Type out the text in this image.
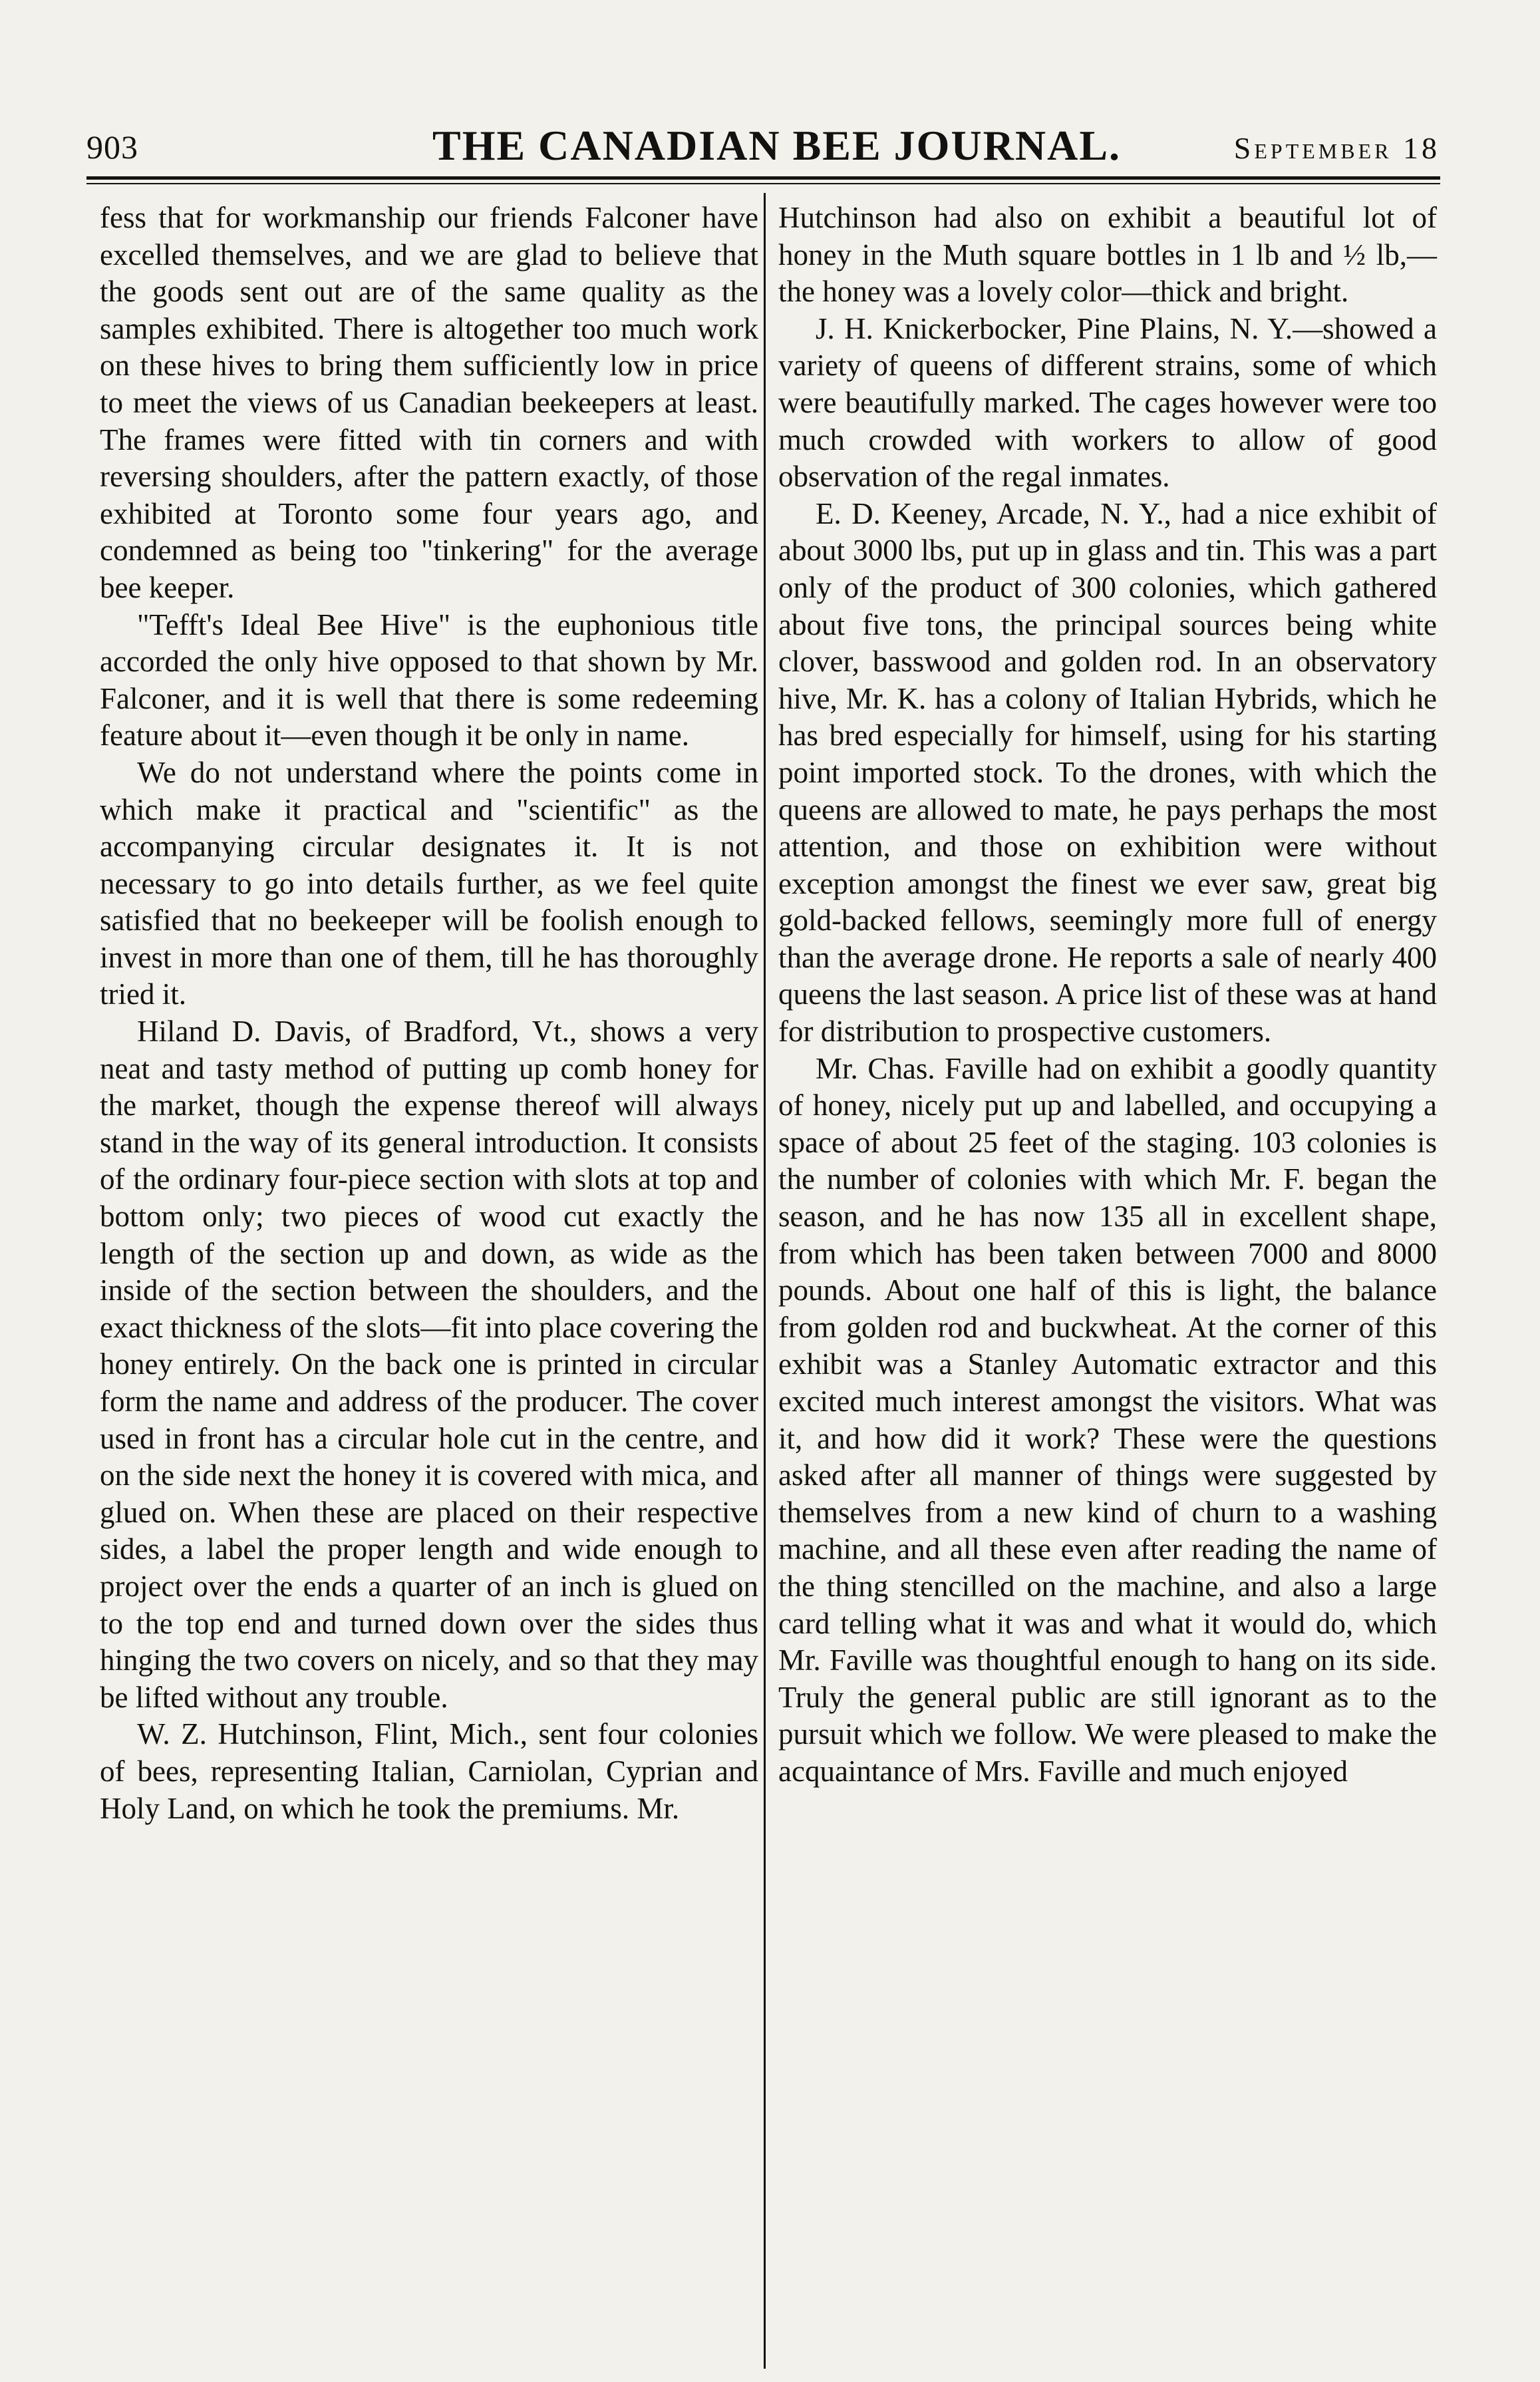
903	THE CANADIAN BEE JOURNAL.	September 18

fess that for workmanship our friends Falconer have excelled themselves, and we are glad to believe that the goods sent out are of the same quality as the samples exhibited. There is altogether too much work on these hives to bring them sufficiently low in price to meet the views of us Canadian beekeepers at least. The frames were fitted with tin corners and with reversing shoulders, after the pattern exactly, of those exhibited at Toronto some four years ago, and condemned as being too "tinkering" for the average bee keeper.

"Tefft's Ideal Bee Hive" is the euphonious title accorded the only hive opposed to that shown by Mr. Falconer, and it is well that there is some redeeming feature about it—even though it be only in name.

We do not understand where the points come in which make it practical and "scientific" as the accompanying circular designates it. It is not necessary to go into details further, as we feel quite satisfied that no beekeeper will be foolish enough to invest in more than one of them, till he has thoroughly tried it.

Hiland D. Davis, of Bradford, Vt., shows a very neat and tasty method of putting up comb honey for the market, though the expense thereof will always stand in the way of its general introduction. It consists of the ordinary four-piece section with slots at top and bottom only; two pieces of wood cut exactly the length of the section up and down, as wide as the inside of the section between the shoulders, and the exact thickness of the slots—fit into place covering the honey entirely. On the back one is printed in circular form the name and address of the producer. The cover used in front has a circular hole cut in the centre, and on the side next the honey it is covered with mica, and glued on. When these are placed on their respective sides, a label the proper length and wide enough to project over the ends a quarter of an inch is glued on to the top end and turned down over the sides thus hinging the two covers on nicely, and so that they may be lifted without any trouble.

W. Z. Hutchinson, Flint, Mich., sent four colonies of bees, representing Italian, Carniolan, Cyprian and Holy Land, on which he took the premiums. Mr.

Hutchinson had also on exhibit a beautiful lot of honey in the Muth square bottles in 1 lb and ½ lb,—the honey was a lovely color—thick and bright.

J. H. Knickerbocker, Pine Plains, N. Y.—showed a variety of queens of different strains, some of which were beautifully marked. The cages however were too much crowded with workers to allow of good observation of the regal inmates.

E. D. Keeney, Arcade, N. Y., had a nice exhibit of about 3000 lbs, put up in glass and tin. This was a part only of the product of 300 colonies, which gathered about five tons, the principal sources being white clover, basswood and golden rod. In an observatory hive, Mr. K. has a colony of Italian Hybrids, which he has bred especially for himself, using for his starting point imported stock. To the drones, with which the queens are allowed to mate, he pays perhaps the most attention, and those on exhibition were without exception amongst the finest we ever saw, great big gold-backed fellows, seemingly more full of energy than the average drone. He reports a sale of nearly 400 queens the last season. A price list of these was at hand for distribution to prospective customers.

Mr. Chas. Faville had on exhibit a goodly quantity of honey, nicely put up and labelled, and occupying a space of about 25 feet of the staging. 103 colonies is the number of colonies with which Mr. F. began the season, and he has now 135 all in excellent shape, from which has been taken between 7000 and 8000 pounds. About one half of this is light, the balance from golden rod and buckwheat. At the corner of this exhibit was a Stanley Automatic extractor and this excited much interest amongst the visitors. What was it, and how did it work? These were the questions asked after all manner of things were suggested by themselves from a new kind of churn to a washing machine, and all these even after reading the name of the thing stencilled on the machine, and also a large card telling what it was and what it would do, which Mr. Faville was thoughtful enough to hang on its side. Truly the general public are still ignorant as to the pursuit which we follow. We were pleased to make the acquaintance of Mrs. Faville and much enjoyed
